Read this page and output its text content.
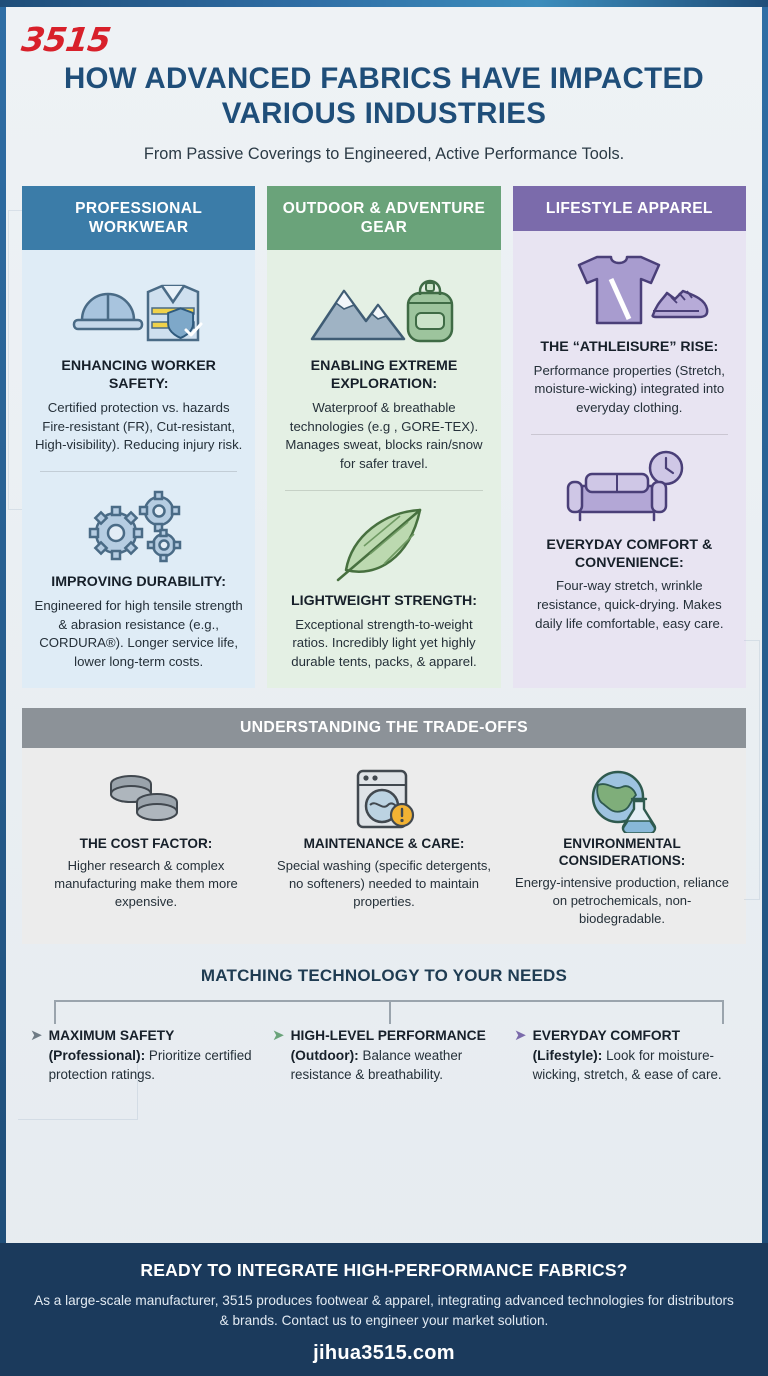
3515
HOW ADVANCED FABRICS HAVE IMPACTED VARIOUS INDUSTRIES
From Passive Coverings to Engineered, Active Performance Tools.
PROFESSIONAL WORKWEAR
ENHANCING WORKER SAFETY:
Certified protection vs. hazards Fire-resistant (FR), Cut-resistant, High-visibility). Reducing injury risk.
IMPROVING DURABILITY:
Engineered for high tensile strength & abrasion resistance (e.g., CORDURA®). Longer service life, lower long-term costs.
OUTDOOR & ADVENTURE GEAR
ENABLING EXTREME EXPLORATION:
Waterproof & breathable technologies (e.g , GORE-TEX). Manages sweat, blocks rain/snow for safer travel.
LIGHTWEIGHT STRENGTH:
Exceptional strength-to-weight ratios. Incredibly light yet highly durable tents, packs, & apparel.
LIFESTYLE APPAREL
THE “ATHLEISURE” RISE:
Performance properties (Stretch, moisture-wicking) integrated into everyday clothing.
EVERYDAY COMFORT & CONVENIENCE:
Four-way stretch, wrinkle resistance, quick-drying. Makes daily life comfortable, easy care.
UNDERSTANDING THE TRADE-OFFS
THE COST FACTOR:
Higher research & complex manufacturing make them more expensive.
MAINTENANCE & CARE:
Special washing (specific detergents, no softeners) needed to maintain properties.
ENVIRONMENTAL CONSIDERATIONS:
Energy-intensive production, reliance on petrochemicals, non-biodegradable.
MATCHING TECHNOLOGY TO YOUR NEEDS
➤ MAXIMUM SAFETY (Professional): Prioritize certified protection ratings.
➤ HIGH-LEVEL PERFORMANCE (Outdoor): Balance weather resistance & breathability.
➤ EVERYDAY COMFORT (Lifestyle): Look for moisture-wicking, stretch, & ease of care.
READY TO INTEGRATE HIGH-PERFORMANCE FABRICS?
As a large-scale manufacturer, 3515 produces footwear & apparel, integrating advanced technologies for distributors & brands. Contact us to engineer your market solution.
jihua3515.com
